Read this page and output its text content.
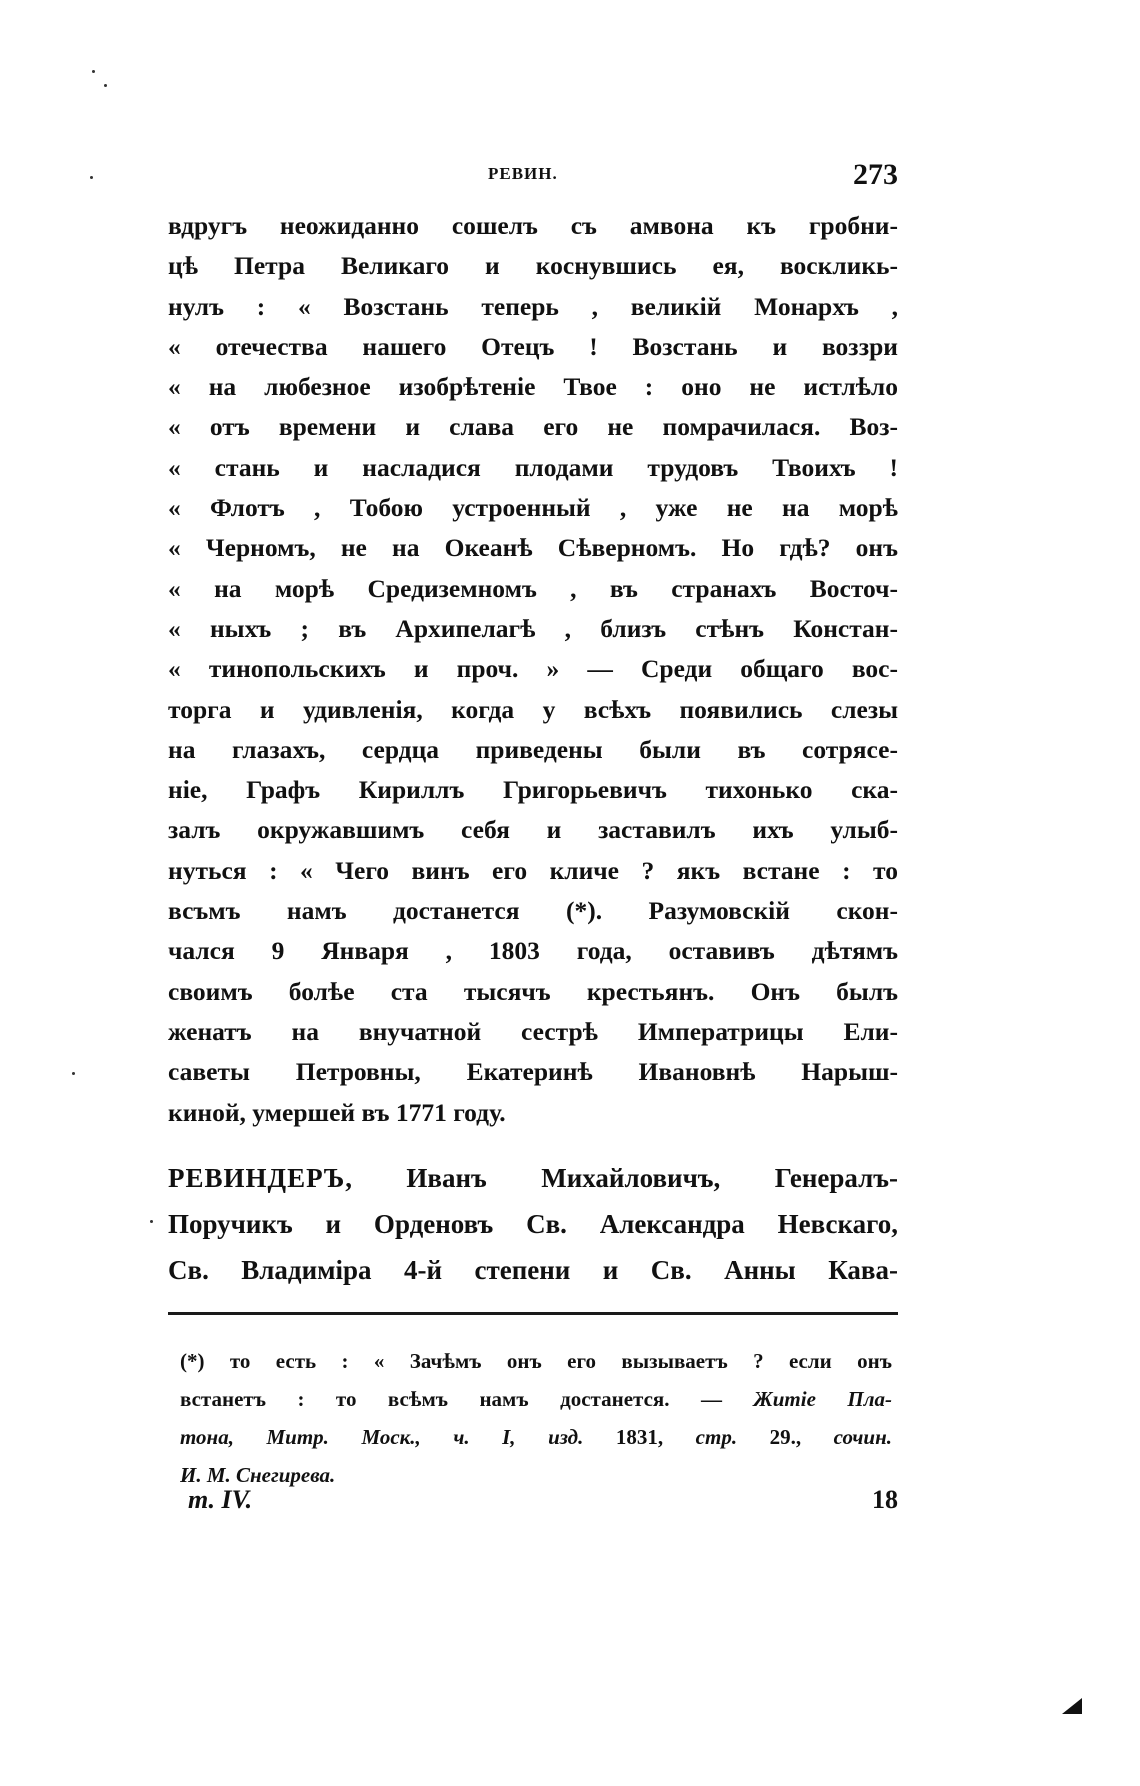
РЕВИН.	273
вдругъ неожиданно сошелъ съ амвона къ гробни-
цѣ Петра Великаго и коснувшись ея, воскликь-
нулъ : « Возстань теперь , великій Монархъ ,
« отечества нашего Отецъ ! Возстань и воззри
« на любезное изобрѣтеніе Твое : оно не истлѣло
« отъ времени и слава его не помрачилася. Воз-
« стань и насладися плодами трудовъ Твоихъ !
« Флотъ , Тобою устроенный , уже не на морѣ
« Черномъ, не на Океанѣ Сѣверномъ. Но гдѣ? онъ
« на морѣ Средиземномъ , въ странахъ Восточ-
« ныхъ ; въ Архипелагѣ , близъ стѣнъ Констан-
« тинопольскихъ и проч. » — Среди общаго вос-
торга и удивленія, когда у всѣхъ появились слезы
на глазахъ, сердца приведены были въ сотрясе-
ніе, Графъ Кириллъ Григорьевичъ тихонько ска-
залъ окружавшимъ себя и заставилъ ихъ улыб-
нуться : « Чего винъ его кличе ? якъ встане : то
всъмъ намъ достанется (*). Разумовскій скон-
чался 9 Января , 1803 года, оставивъ дѣтямъ
своимъ болѣе ста тысячъ крестьянъ. Онъ былъ
женатъ на внучатной сестрѣ Императрицы Ели-
саветы Петровны, Екатеринѣ Ивановнѣ Нарыш-
киной, умершей въ 1771 году.
РЕВИНДЕРЪ, Иванъ Михайловичъ, Генералъ-
Поручикъ и Орденовъ Св. Александра Невскаго,
Св. Владиміра 4-й степени и Св. Анны Кава-
(*) то есть : « Зачѣмъ онъ его вызываетъ ? если онъ
встанетъ : то всѣмъ намъ достанется. — Житіе Пла-
тона, Митр. Моск., ч. I, изд. 1831, стр. 29., сочин.
И. М. Снегирева.
т. IV.	18
